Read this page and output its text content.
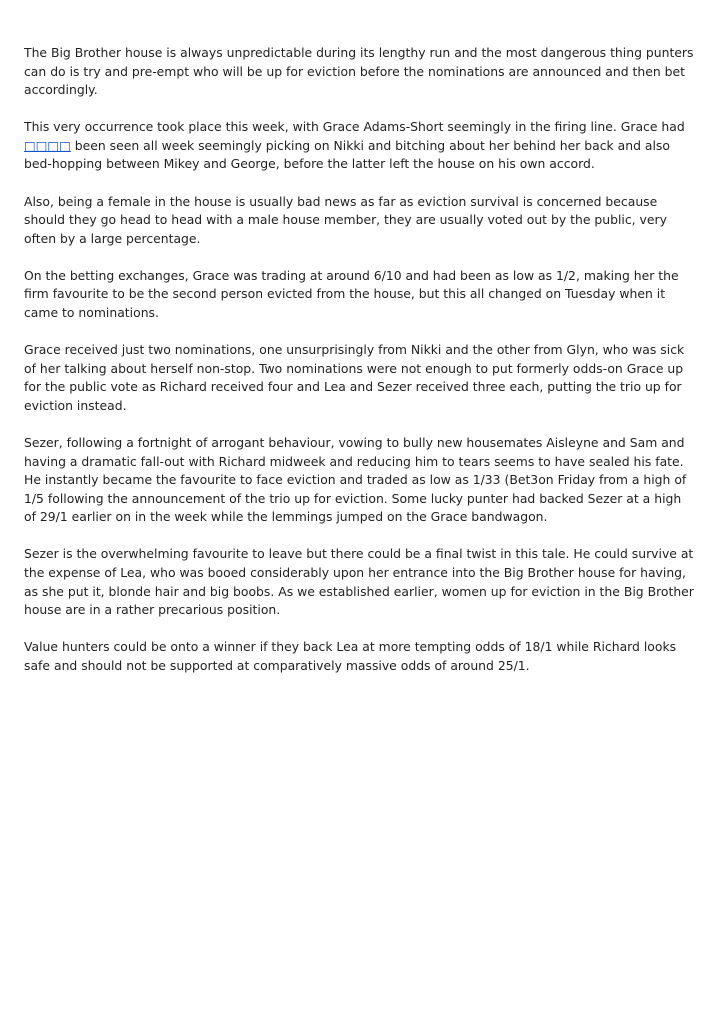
The Big Brother house is always unpredictable during its lengthy run and the most dangerous thing punters can do is try and pre-empt who will be up for eviction before the nominations are announced and then bet accordingly.

This very occurrence took place this week, with Grace Adams-Short seemingly in the firing line. Grace had □□□□ been seen all week seemingly picking on Nikki and bitching about her behind her back and also bed-hopping between Mikey and George, before the latter left the house on his own accord.

Also, being a female in the house is usually bad news as far as eviction survival is concerned because should they go head to head with a male house member, they are usually voted out by the public, very often by a large percentage.

On the betting exchanges, Grace was trading at around 6/10 and had been as low as 1/2, making her the firm favourite to be the second person evicted from the house, but this all changed on Tuesday when it came to nominations.

Grace received just two nominations, one unsurprisingly from Nikki and the other from Glyn, who was sick of her talking about herself non-stop. Two nominations were not enough to put formerly odds-on Grace up for the public vote as Richard received four and Lea and Sezer received three each, putting the trio up for eviction instead.

Sezer, following a fortnight of arrogant behaviour, vowing to bully new housemates Aisleyne and Sam and having a dramatic fall-out with Richard midweek and reducing him to tears seems to have sealed his fate. He instantly became the favourite to face eviction and traded as low as 1/33 (Bet3on Friday from a high of 1/5 following the announcement of the trio up for eviction. Some lucky punter had backed Sezer at a high of 29/1 earlier on in the week while the lemmings jumped on the Grace bandwagon.

Sezer is the overwhelming favourite to leave but there could be a final twist in this tale. He could survive at the expense of Lea, who was booed considerably upon her entrance into the Big Brother house for having, as she put it, blonde hair and big boobs. As we established earlier, women up for eviction in the Big Brother house are in a rather precarious position.

Value hunters could be onto a winner if they back Lea at more tempting odds of 18/1 while Richard looks safe and should not be supported at comparatively massive odds of around 25/1.
